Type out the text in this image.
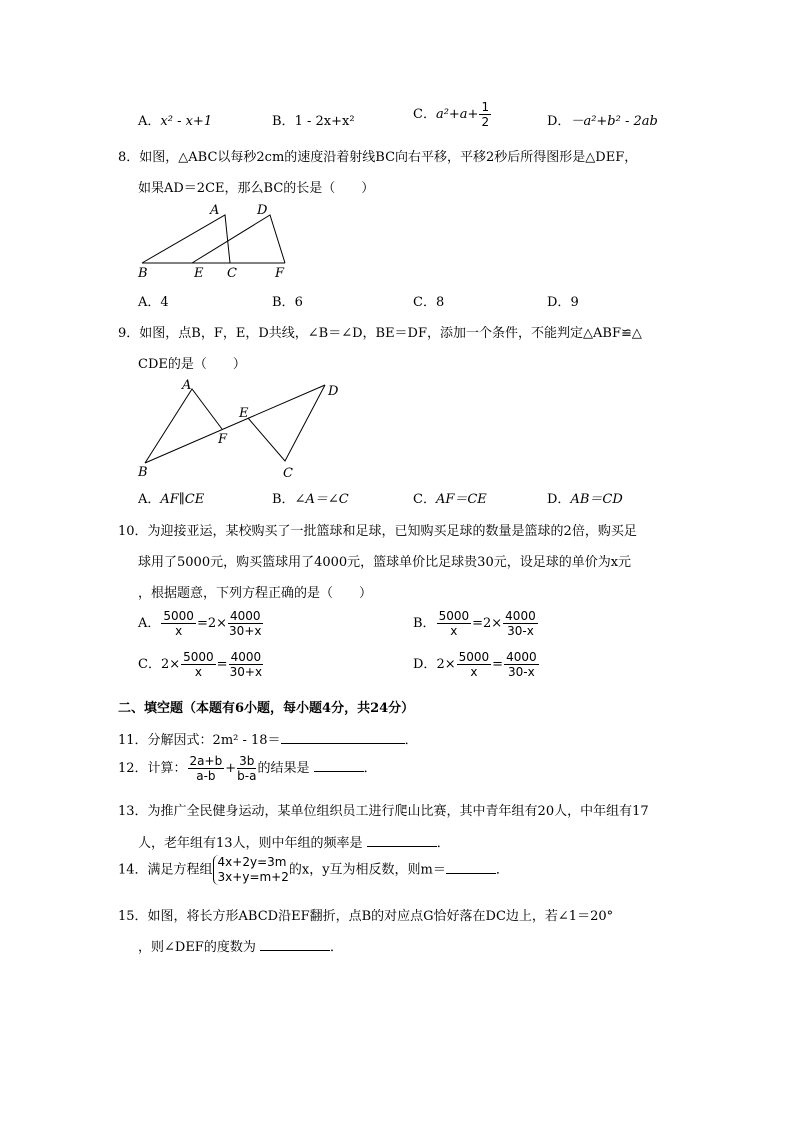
A．x² - x+1	B．1 - 2x+x²	C．$a^2+a+ \frac{1}{2}$	D．－a²+b² - 2ab
8．如图，△ABC以每秒2cm的速度沿着射线BC向右平移，平移2秒后所得图形是△DEF，
如果AD＝2CE，那么BC的长是（　　）
A	D
B	E C	F
A．4	B．6	C．8	D．9
9．如图，点B，F，E，D共线，∠B＝∠D，BE＝DF，添加一个条件，不能判定△ABF≌△
CDE的是（　　）
A	D
E
F
B	C
A．AF∥CE	B．∠A＝∠C	C．AF＝CE	D．AB＝CD
10．为迎接亚运，某校购买了一批篮球和足球，已知购买足球的数量是篮球的2倍，购买足
球用了5000元，购买篮球用了4000元，篮球单价比足球贵30元，设足球的单价为x元
，根据题意，下列方程正确的是（　　）
A． $\frac{5000}{x} =2\times \frac{4000}{30+x}$	B． $\frac{5000}{x} =2\times \frac{4000}{30-x}$
C．$2\times \frac{5000}{x} = \frac{4000}{30+x}$	D．$2\times \frac{5000}{x} = \frac{4000}{30-x}$
二、填空题（本题有6小题，每小题4分，共24分）
11．分解因式：2m² - 18＝	．
12．计算： $\frac{2a+b}{a-b} + \frac{3b}{b-a}$ 的结果是	．
13．为推广全民健身运动，某单位组织员工进行爬山比赛，其中青年组有20人，中年组有17
人，老年组有13人，则中年组的频率是	．
14．满足方程组
4x+2y=3m
3x+y=m+2 的x，y互为相反数，则m＝	．
15．如图，将长方形ABCD沿EF翻折，点B的对应点G恰好落在DC边上，若∠1＝20°
，则∠DEF的度数为	．
